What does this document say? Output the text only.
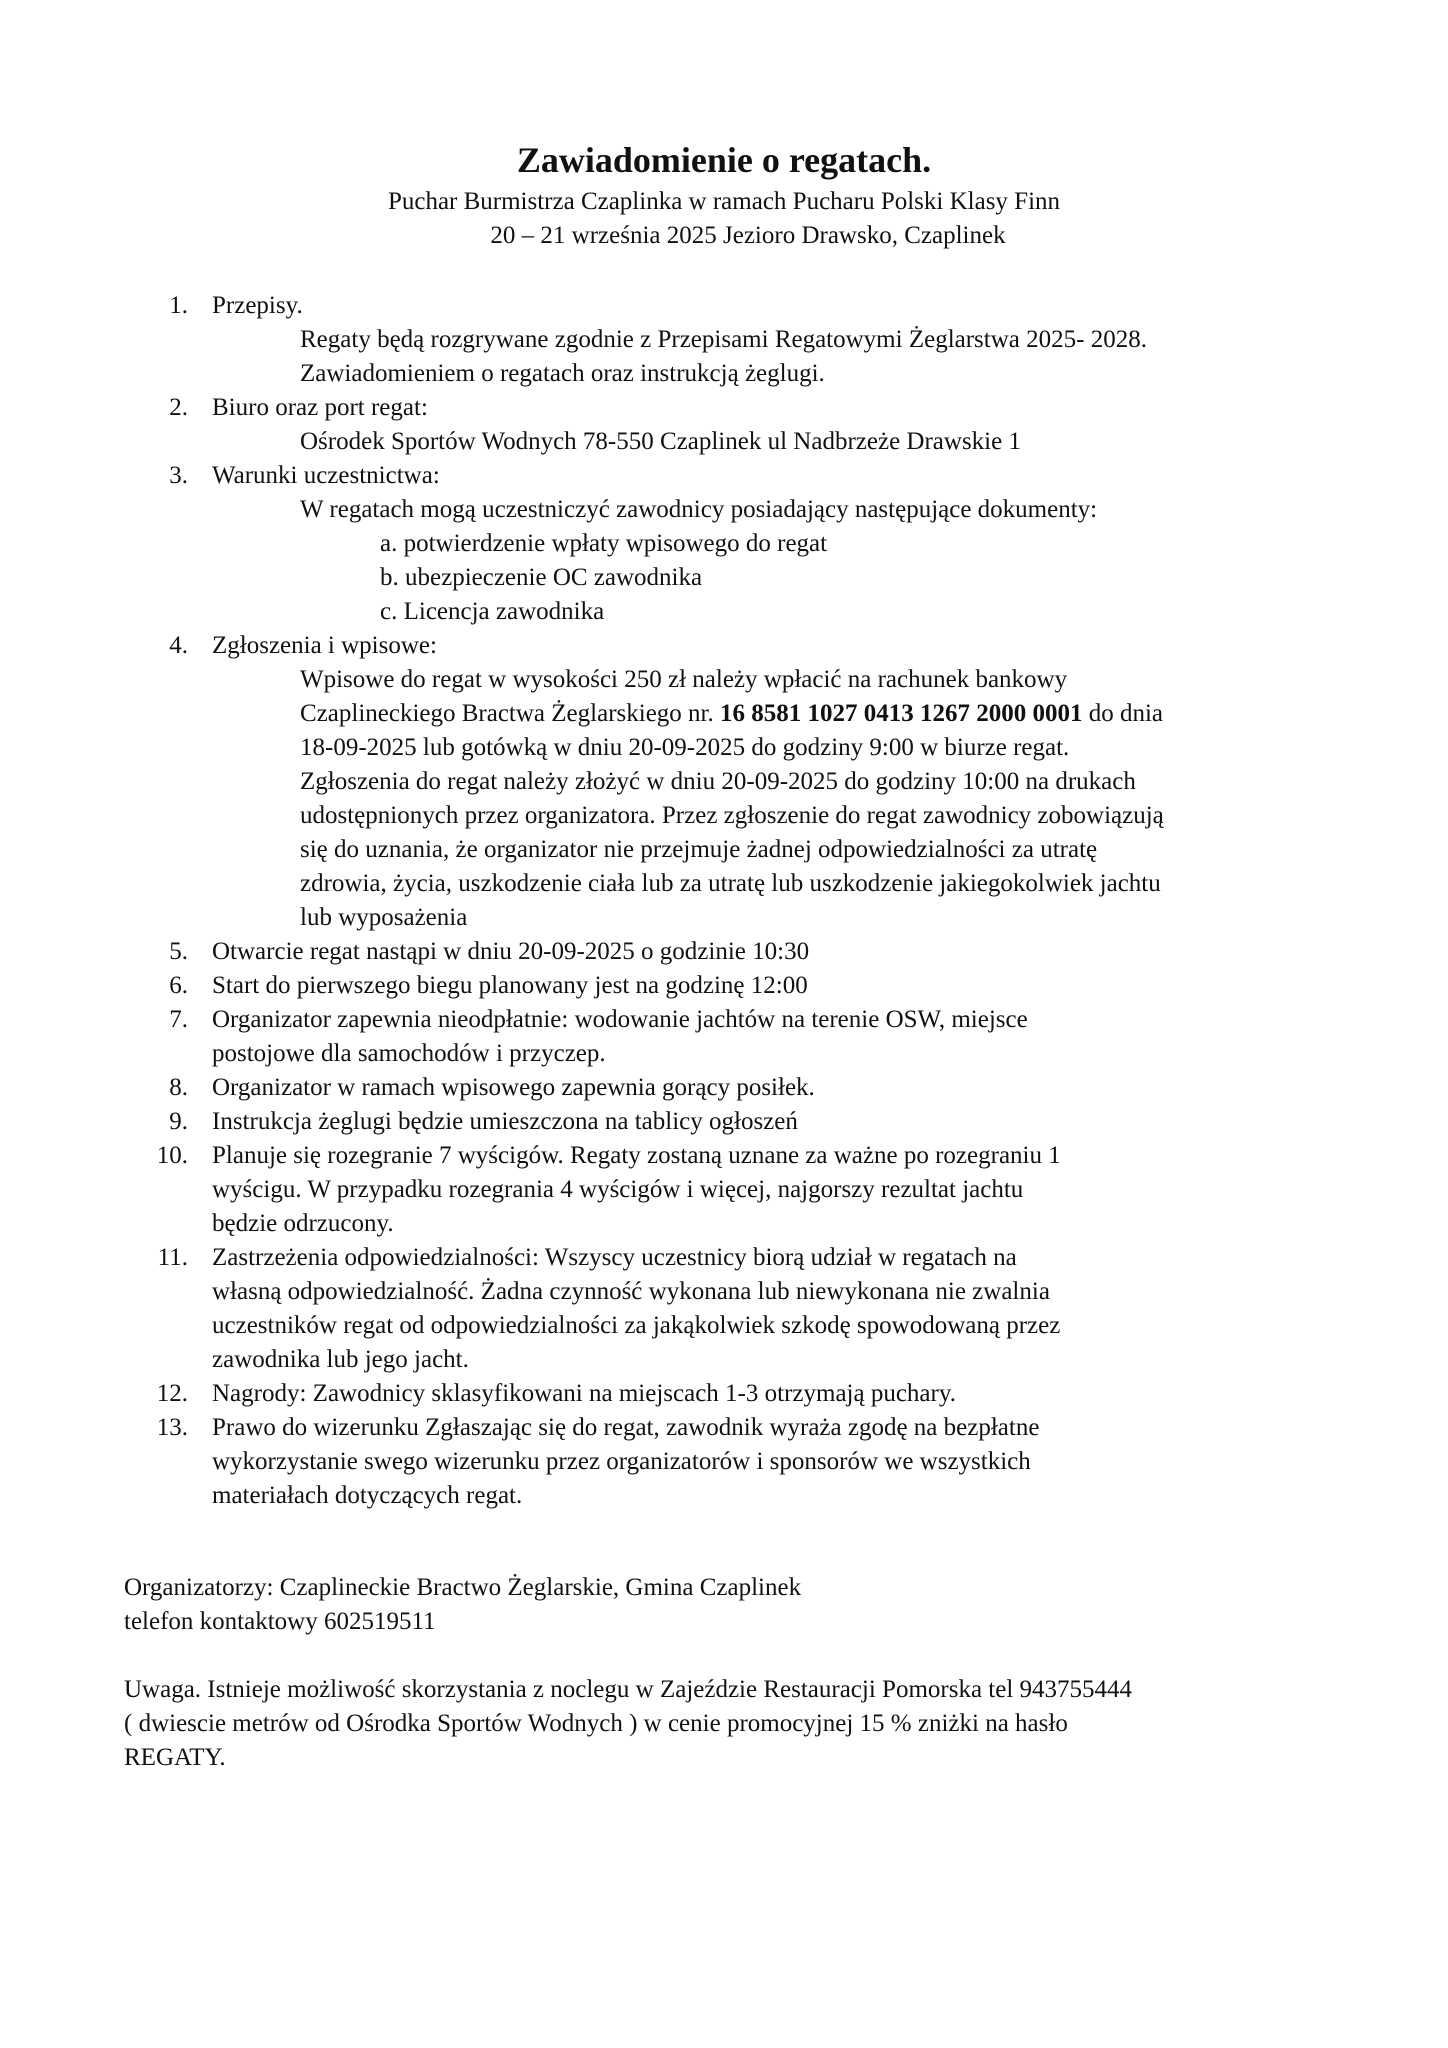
Zawiadomienie o regatach.
Puchar Burmistrza Czaplinka w ramach Pucharu Polski Klasy Finn
20 – 21 września 2025 Jezioro Drawsko, Czaplinek
1. Przepisy.
Regaty będą rozgrywane zgodnie z Przepisami Regatowymi Żeglarstwa 2025- 2028.
Zawiadomieniem o regatach oraz instrukcją żeglugi.
2. Biuro oraz port regat:
Ośrodek Sportów Wodnych 78-550 Czaplinek ul Nadbrzeże Drawskie 1
3. Warunki uczestnictwa:
W regatach mogą uczestniczyć zawodnicy posiadający następujące dokumenty:
a. potwierdzenie wpłaty wpisowego do regat
b. ubezpieczenie OC zawodnika
c. Licencja zawodnika
4. Zgłoszenia i wpisowe:
Wpisowe do regat w wysokości 250 zł należy wpłacić na rachunek bankowy
Czaplineckiego Bractwa Żeglarskiego nr. 16 8581 1027 0413 1267 2000 0001 do dnia
18-09-2025 lub gotówką w dniu 20-09-2025 do godziny 9:00 w biurze regat.
Zgłoszenia do regat należy złożyć w dniu 20-09-2025 do godziny 10:00 na drukach
udostępnionych przez organizatora. Przez zgłoszenie do regat zawodnicy zobowiązują
się do uznania, że organizator nie przejmuje żadnej odpowiedzialności za utratę
zdrowia, życia, uszkodzenie ciała lub za utratę lub uszkodzenie jakiegokolwiek jachtu
lub wyposażenia
5. Otwarcie regat nastąpi w dniu 20-09-2025 o godzinie 10:30
6. Start do pierwszego biegu planowany jest na godzinę 12:00
7. Organizator zapewnia nieodpłatnie: wodowanie jachtów na terenie OSW, miejsce
postojowe dla samochodów i przyczep.
8. Organizator w ramach wpisowego zapewnia gorący posiłek.
9. Instrukcja żeglugi będzie umieszczona na tablicy ogłoszeń
10. Planuje się rozegranie 7 wyścigów. Regaty zostaną uznane za ważne po rozegraniu 1
wyścigu. W przypadku rozegrania 4 wyścigów i więcej, najgorszy rezultat jachtu
będzie odrzucony.
11. Zastrzeżenia odpowiedzialności: Wszyscy uczestnicy biorą udział w regatach na
własną odpowiedzialność. Żadna czynność wykonana lub niewykonana nie zwalnia
uczestników regat od odpowiedzialności za jakąkolwiek szkodę spowodowaną przez
zawodnika lub jego jacht.
12. Nagrody: Zawodnicy sklasyfikowani na miejscach 1-3 otrzymają puchary.
13. Prawo do wizerunku Zgłaszając się do regat, zawodnik wyraża zgodę na bezpłatne
wykorzystanie swego wizerunku przez organizatorów i sponsorów we wszystkich
materiałach dotyczących regat.
Organizatorzy: Czaplineckie Bractwo Żeglarskie, Gmina Czaplinek
telefon kontaktowy 602519511
Uwaga. Istnieje możliwość skorzystania z noclegu w Zajeździe Restauracji Pomorska tel 943755444
( dwiescie metrów od Ośrodka Sportów Wodnych ) w cenie promocyjnej 15 % zniżki na hasło
REGATY.
